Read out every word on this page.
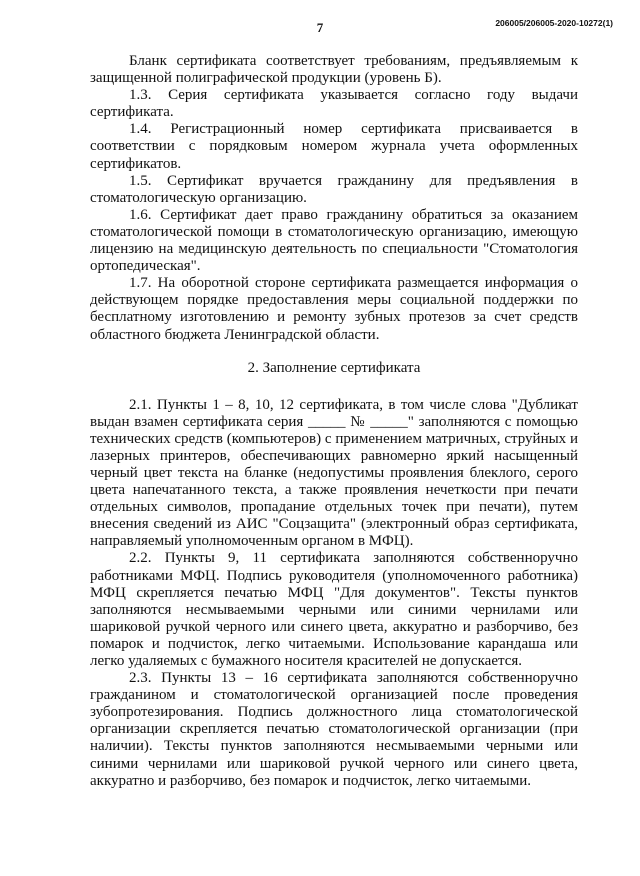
7	206005/206005-2020-10272(1)

Бланк сертификата соответствует требованиям, предъявляемым к защищенной полиграфической продукции (уровень Б).

1.3. Серия сертификата указывается согласно году выдачи сертификата.

1.4. Регистрационный номер сертификата присваивается в соответствии с порядковым номером журнала учета оформленных сертификатов.

1.5. Сертификат вручается гражданину для предъявления в стоматологическую организацию.

1.6. Сертификат дает право гражданину обратиться за оказанием стоматологической помощи в стоматологическую организацию, имеющую лицензию на медицинскую деятельность по специальности "Стоматология ортопедическая".

1.7. На оборотной стороне сертификата размещается информация о действующем порядке предоставления меры социальной поддержки по бесплатному изготовлению и ремонту зубных протезов за счет средств областного бюджета Ленинградской области.

2. Заполнение сертификата

2.1. Пункты 1 – 8, 10, 12 сертификата, в том числе слова "Дубликат выдан взамен сертификата серия _____ № _____" заполняются с помощью технических средств (компьютеров) с применением матричных, струйных и лазерных принтеров, обеспечивающих равномерно яркий насыщенный черный цвет текста на бланке (недопустимы проявления блеклого, серого цвета напечатанного текста, а также проявления нечеткости при печати отдельных символов, пропадание отдельных точек при печати), путем внесения сведений из АИС "Соцзащита" (электронный образ сертификата, направляемый уполномоченным органом в МФЦ).

2.2. Пункты 9, 11 сертификата заполняются собственноручно работниками МФЦ. Подпись руководителя (уполномоченного работника) МФЦ скрепляется печатью МФЦ "Для документов". Тексты пунктов заполняются несмываемыми черными или синими чернилами или шариковой ручкой черного или синего цвета, аккуратно и разборчиво, без помарок и подчисток, легко читаемыми. Использование карандаша или легко удаляемых с бумажного носителя красителей не допускается.

2.3. Пункты 13 – 16 сертификата заполняются собственноручно гражданином и стоматологической организацией после проведения зубопротезирования. Подпись должностного лица стоматологической организации скрепляется печатью стоматологической организации (при наличии). Тексты пунктов заполняются несмываемыми черными или синими чернилами или шариковой ручкой черного или синего цвета, аккуратно и разборчиво, без помарок и подчисток, легко читаемыми.
